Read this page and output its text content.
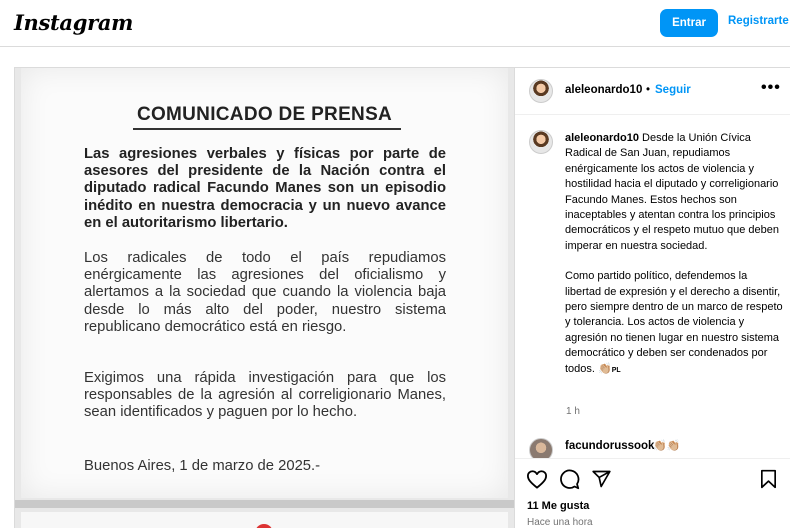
Instagram	Entrar	Registrarte
COMUNICADO DE PRENSA
Las agresiones verbales y físicas por parte de asesores del presidente de la Nación contra el diputado radical Facundo Manes son un episodio inédito en nuestra democracia y un nuevo avance en el autoritarismo libertario.
Los radicales de todo el país repudiamos enérgicamente las agresiones del oficialismo y alertamos a la sociedad que cuando la violencia baja desde lo más alto del poder, nuestro sistema republicano democrático está en riesgo.
Exigimos una rápida investigación para que los responsables de la agresión al correligionario Manes, sean identificados y paguen por lo hecho.
Buenos Aires, 1 de marzo de 2025.-
aleleonardo10 • Seguir	•••

aleleonardo10 Desde la Unión Cívica Radical de San Juan, repudiamos enérgicamente los actos de violencia y hostilidad hacia el diputado y correligionario Facundo Manes. Estos hechos son inaceptables y atentan contra los principios democráticos y el respeto mutuo que deben imperar en nuestra sociedad.

Como partido político, defendemos la libertad de expresión y el derecho a disentir, pero siempre dentro de un marco de respeto y tolerancia. Los actos de violencia y agresión no tienen lugar en nuestro sistema democrático y deben ser condenados por todos. 👏🏼PL

1 h
facundorussook
👏🏼👏🏼
11 Me gusta
Hace una hora
